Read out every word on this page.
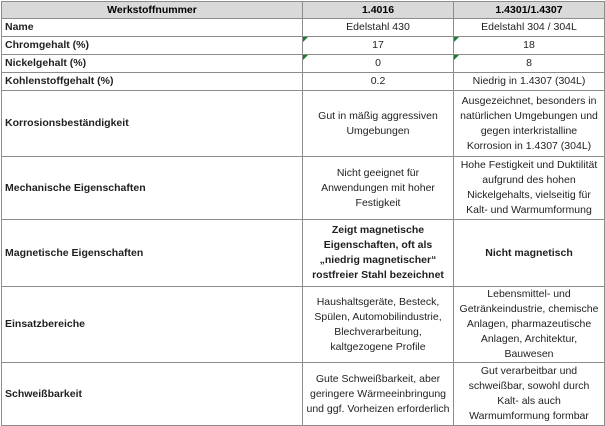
Werkstoffnummer	1.4016	1.4301/1.4307
Name	Edelstahl 430	Edelstahl 304 / 304L
Chromgehalt (%)	17	18
Nickelgehalt (%)	0	8
Kohlenstoffgehalt (%)	0.2	Niedrig in 1.4307 (304L)
Korrosionsbeständigkeit	Gut in mäßig aggressiven Umgebungen	Ausgezeichnet, besonders in natürlichen Umgebungen und gegen interkristalline Korrosion in 1.4307 (304L)
Mechanische Eigenschaften	Nicht geeignet für Anwendungen mit hoher Festigkeit	Hohe Festigkeit und Duktilität aufgrund des hohen Nickelgehalts, vielseitig für Kalt- und Warmumformung
Magnetische Eigenschaften	Zeigt magnetische Eigenschaften, oft als „niedrig magnetischer“ rostfreier Stahl bezeichnet	Nicht magnetisch
Einsatzbereiche	Haushaltsgeräte, Besteck, Spülen, Automobilindustrie, Blechverarbeitung, kaltgezogene Profile	Lebensmittel- und Getränkeindustrie, chemische Anlagen, pharmazeutische Anlagen, Architektur, Bauwesen
Schweißbarkeit	Gute Schweißbarkeit, aber geringere Wärmeeinbringung und ggf. Vorheizen erforderlich	Gut verarbeitbar und schweißbar, sowohl durch Kalt- als auch Warmumformung formbar
